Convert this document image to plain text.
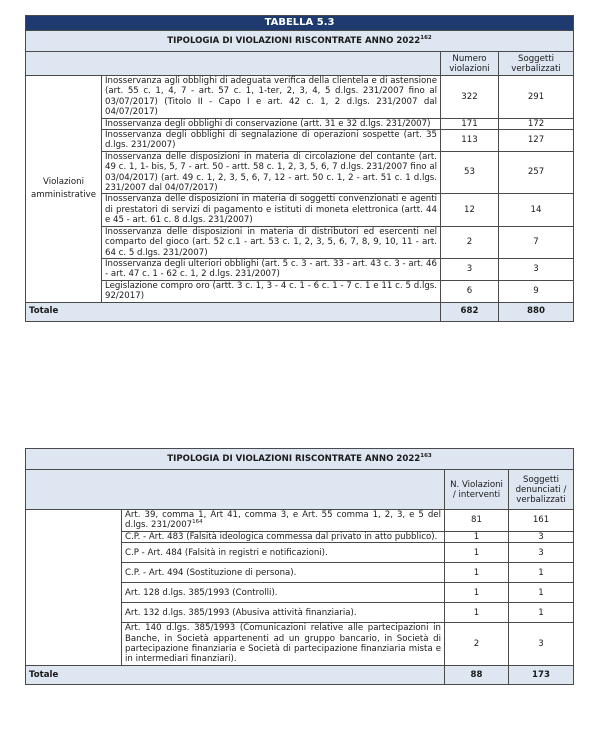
TABELLA 5.3			
TIPOLOGIA DI VIOLAZIONI RISCONTRATE ANNO 2022$^{162}$
		Numero violazioni	Soggetti verbalizzati
Violazioni amministrative	Inosservanza agli obblighi di adeguata verifica della clientela e di astensione (art. 55 c. 1, 4, 7 - art. 57 c. 1, 1-ter, 2, 3, 4, 5 d.lgs. 231/2007 fino al 03/07/2017) (Titolo II - Capo I e art. 42 c. 1, 2 d.lgs. 231/2007 dal 04/07/2017)	322	291
	Inosservanza degli obblighi di conservazione (artt. 31 e 32 d.lgs. 231/2007)	171	172
	Inosservanza degli obblighi di segnalazione di operazioni sospette (art. 35 d.lgs. 231/2007)	113	127
	Inosservanza delle disposizioni in materia di circolazione del contante (art. 49 c. 1, 1- bis, 5, 7 - art. 50 - artt. 58 c. 1, 2, 3, 5, 6, 7 d.lgs. 231/2007 fino al 03/04/2017) (art. 49 c. 1, 2, 3, 5, 6, 7, 12 - art. 50 c. 1, 2 - art. 51 c. 1 d.lgs. 231/2007 dal 04/07/2017)	53	257
	Inosservanza delle disposizioni in materia di soggetti convenzionati e agenti di prestatori di servizi di pagamento e istituti di moneta elettronica (artt. 44 e 45 - art. 61 c. 8 d.lgs. 231/2007)	12	14
	Inosservanza delle disposizioni in materia di distributori ed esercenti nel comparto del gioco (art. 52 c.1 - art. 53 c. 1, 2, 3, 5, 6, 7, 8, 9, 10, 11 - art. 64 c. 5 d.lgs. 231/2007)	2	7
	Inosservanza degli ulteriori obblighi (art. 5 c. 3 - art. 33 - art. 43 c. 3 - art. 46 - art. 47 c. 1 - 62 c. 1, 2 d.lgs. 231/2007)	3	3
	Legislazione compro oro (artt. 3 c. 1, 3 - 4 c. 1 - 6 c. 1 - 7 c. 1 e 11 c. 5 d.lgs. 92/2017)	6	9
Totale		682	880
TIPOLOGIA DI VIOLAZIONI RISCONTRATE ANNO 2022$^{163}$
		N. Violazioni / interventi	Soggetti denunciati / verbalizzati
	Art. 39, comma 1, Art 41, comma 3, e Art. 55 comma 1, 2, 3, e 5 del d.lgs. 231/2007$^{164}$	81	161
	C.P. - Art. 483 (Falsità ideologica commessa dal privato in atto pubblico).	1	3
	C.P - Art. 484 (Falsità in registri e notificazioni).	1	3
	C.P. - Art. 494 (Sostituzione di persona).	1	1
	Art. 128 d.lgs. 385/1993 (Controlli).	1	1
	Art. 132 d.lgs. 385/1993 (Abusiva attività finanziaria).	1	1
	Art. 140 d.lgs. 385/1993 (Comunicazioni relative alle partecipazioni in Banche, in Società appartenenti ad un gruppo bancario, in Società di partecipazione finanziaria e Società di partecipazione finanziaria mista e in intermediari finanziari).	2	3
Totale		88	173
